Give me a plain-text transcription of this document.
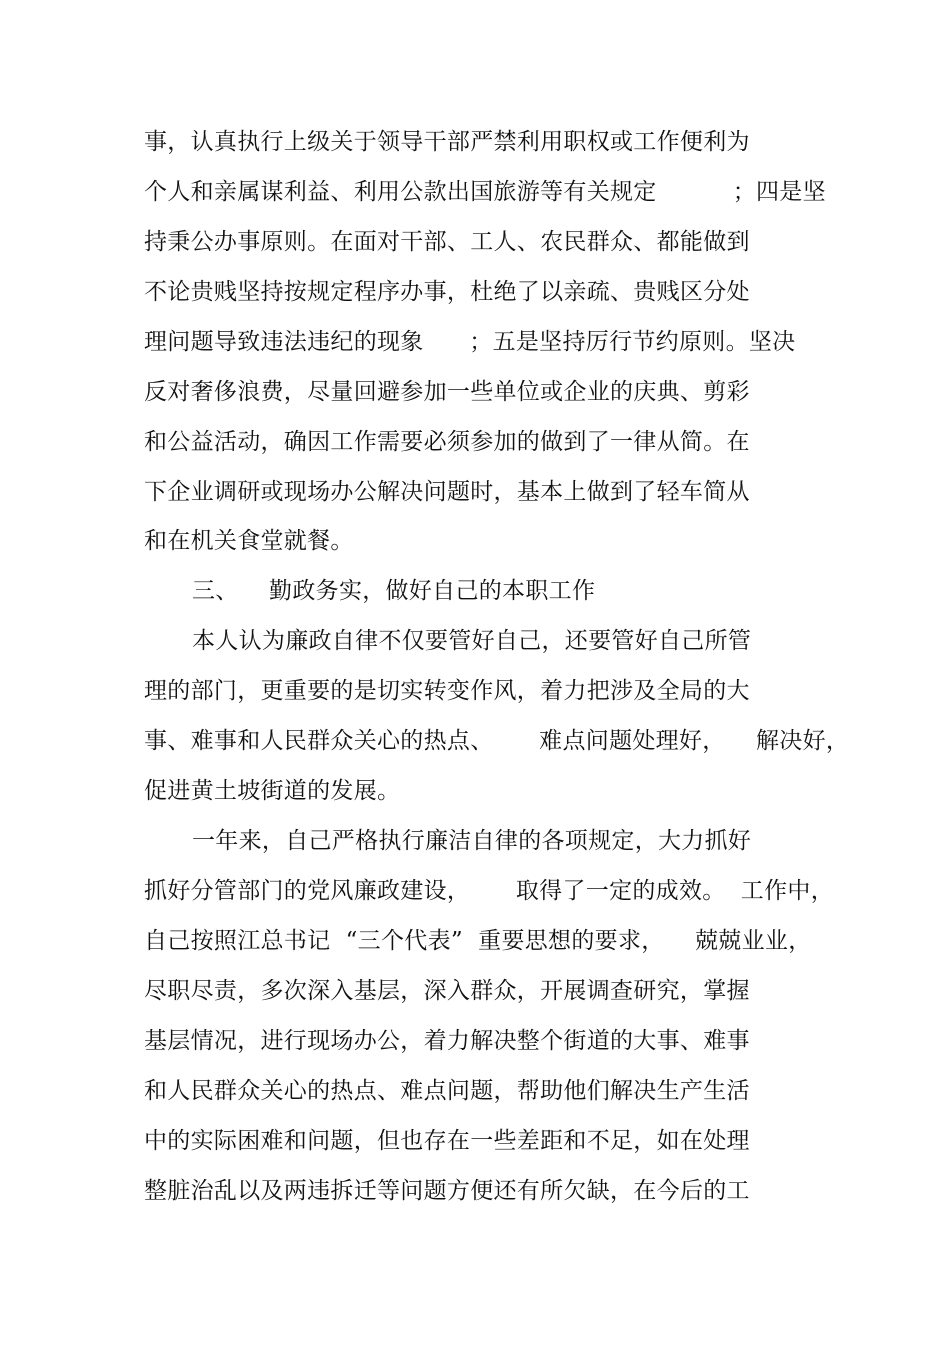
事，认真执行上级关于领导干部严禁利用职权或工作便利为
个人和亲属谋利益、利用公款出国旅游等有关规定          ；四是坚
持秉公办事原则。在面对干部、工人、农民群众、都能做到
不论贵贱坚持按规定程序办事，杜绝了以亲疏、贵贱区分处
理问题导致违法违纪的现象      ；五是坚持厉行节约原则。坚决
反对奢侈浪费，尽量回避参加一些单位或企业的庆典、剪彩
和公益活动，确因工作需要必须参加的做到了一律从简。在
下企业调研或现场办公解决问题时，基本上做到了轻车简从
和在机关食堂就餐。
三、    勤政务实，做好自己的本职工作
本人认为廉政自律不仅要管好自己，还要管好自己所管
理的部门，更重要的是切实转变作风，着力把涉及全局的大
事、难事和人民群众关心的热点、      难点问题处理好，    解决好，
促进黄土坡街道的发展。
一年来，自己严格执行廉洁自律的各项规定，大力抓好
抓好分管部门的党风廉政建设，      取得了一定的成效。  工作中，
自己按照江总书记  “三个代表”  重要思想的要求，    兢兢业业，
尽职尽责，多次深入基层，深入群众，开展调查研究，掌握
基层情况，进行现场办公，着力解决整个街道的大事、难事
和人民群众关心的热点、难点问题，帮助他们解决生产生活
中的实际困难和问题，但也存在一些差距和不足，如在处理
整脏治乱以及两违拆迁等问题方便还有所欠缺，在今后的工
